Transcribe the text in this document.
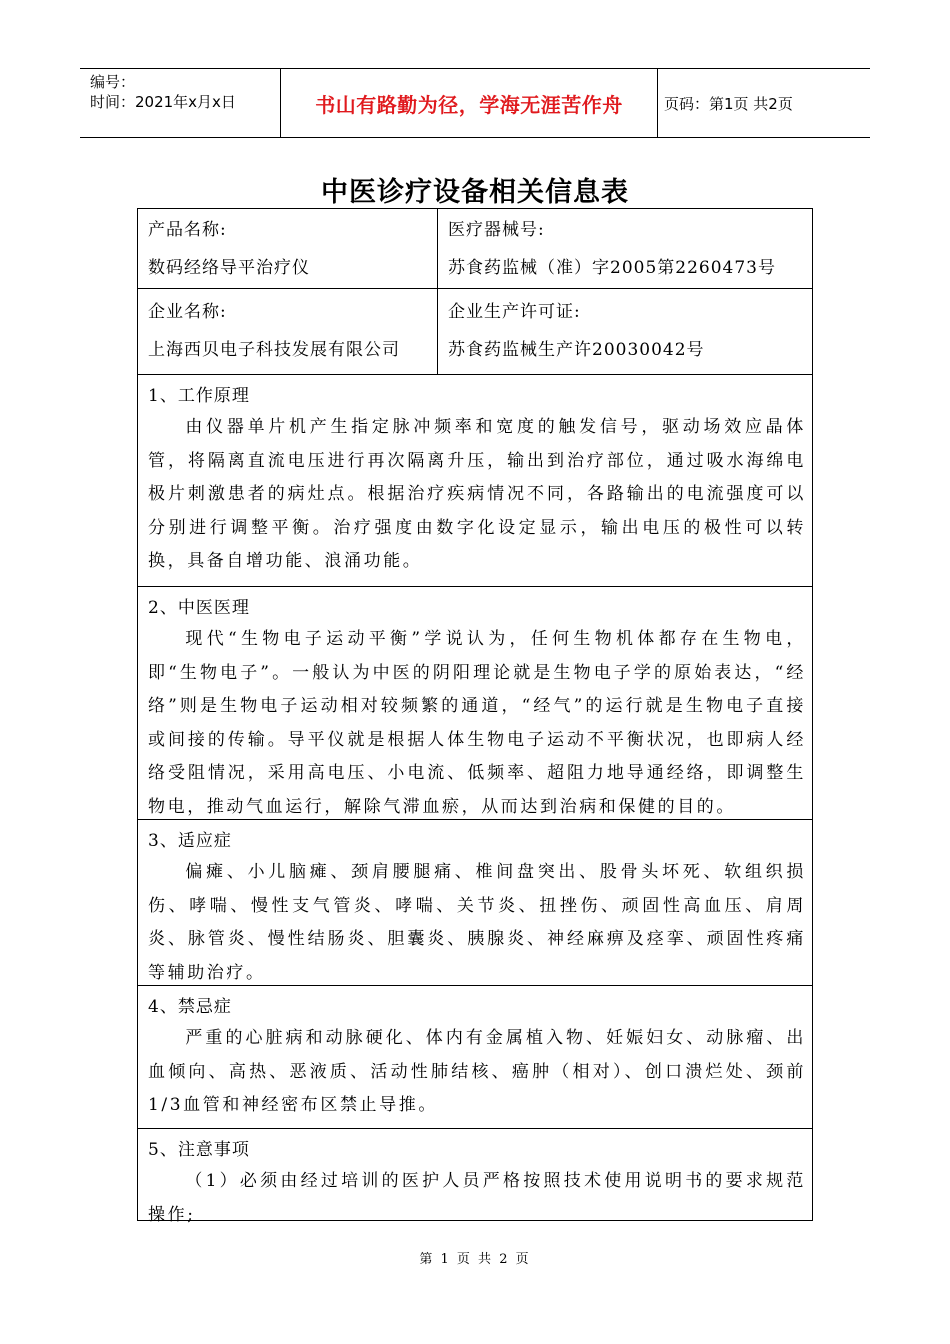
编号：
时间：2021年x月x日	书山有路勤为径，学海无涯苦作舟	页码：第1页 共2页
中医诊疗设备相关信息表
产品名称:
数码经络导平治疗仪
医疗器械号:
苏食药监械（准）字2005第2260473号
企业名称:
上海西贝电子科技发展有限公司
企业生产许可证:
苏食药监械生产许20030042号
1、工作原理

由仪器单片机产生指定脉冲频率和宽度的触发信号，驱动场效应晶体管，将隔离直流电压进行再次隔离升压，输出到治疗部位，通过吸水海绵电极片刺激患者的病灶点。根据治疗疾病情况不同，各路输出的电流强度可以分别进行调整平衡。治疗强度由数字化设定显示，输出电压的极性可以转换，具备自增功能、浪涌功能。

2、中医医理

现代“生物电子运动平衡”学说认为，任何生物机体都存在生物电，即“生物电子”。一般认为中医的阴阳理论就是生物电子学的原始表达，“经络”则是生物电子运动相对较频繁的通道，“经气”的运行就是生物电子直接或间接的传输。导平仪就是根据人体生物电子运动不平衡状况，也即病人经络受阻情况，采用高电压、小电流、低频率、超阻力地导通经络，即调整生物电，推动气血运行，解除气滞血瘀，从而达到治病和保健的目的。

3、适应症

偏瘫、小儿脑瘫、颈肩腰腿痛、椎间盘突出、股骨头坏死、软组织损伤、哮喘、慢性支气管炎、哮喘、关节炎、扭挫伤、顽固性高血压、肩周炎、脉管炎、慢性结肠炎、胆囊炎、胰腺炎、神经麻痹及痉挛、顽固性疼痛等辅助治疗。

4、禁忌症

严重的心脏病和动脉硬化、体内有金属植入物、妊娠妇女、动脉瘤、出血倾向、高热、恶液质、活动性肺结核、癌肿（相对）、创口溃烂处、颈前1/3血管和神经密布区禁止导推。

5、注意事项

（1）必须由经过培训的医护人员严格按照技术使用说明书的要求规范操作;

第 1 页 共 2 页
